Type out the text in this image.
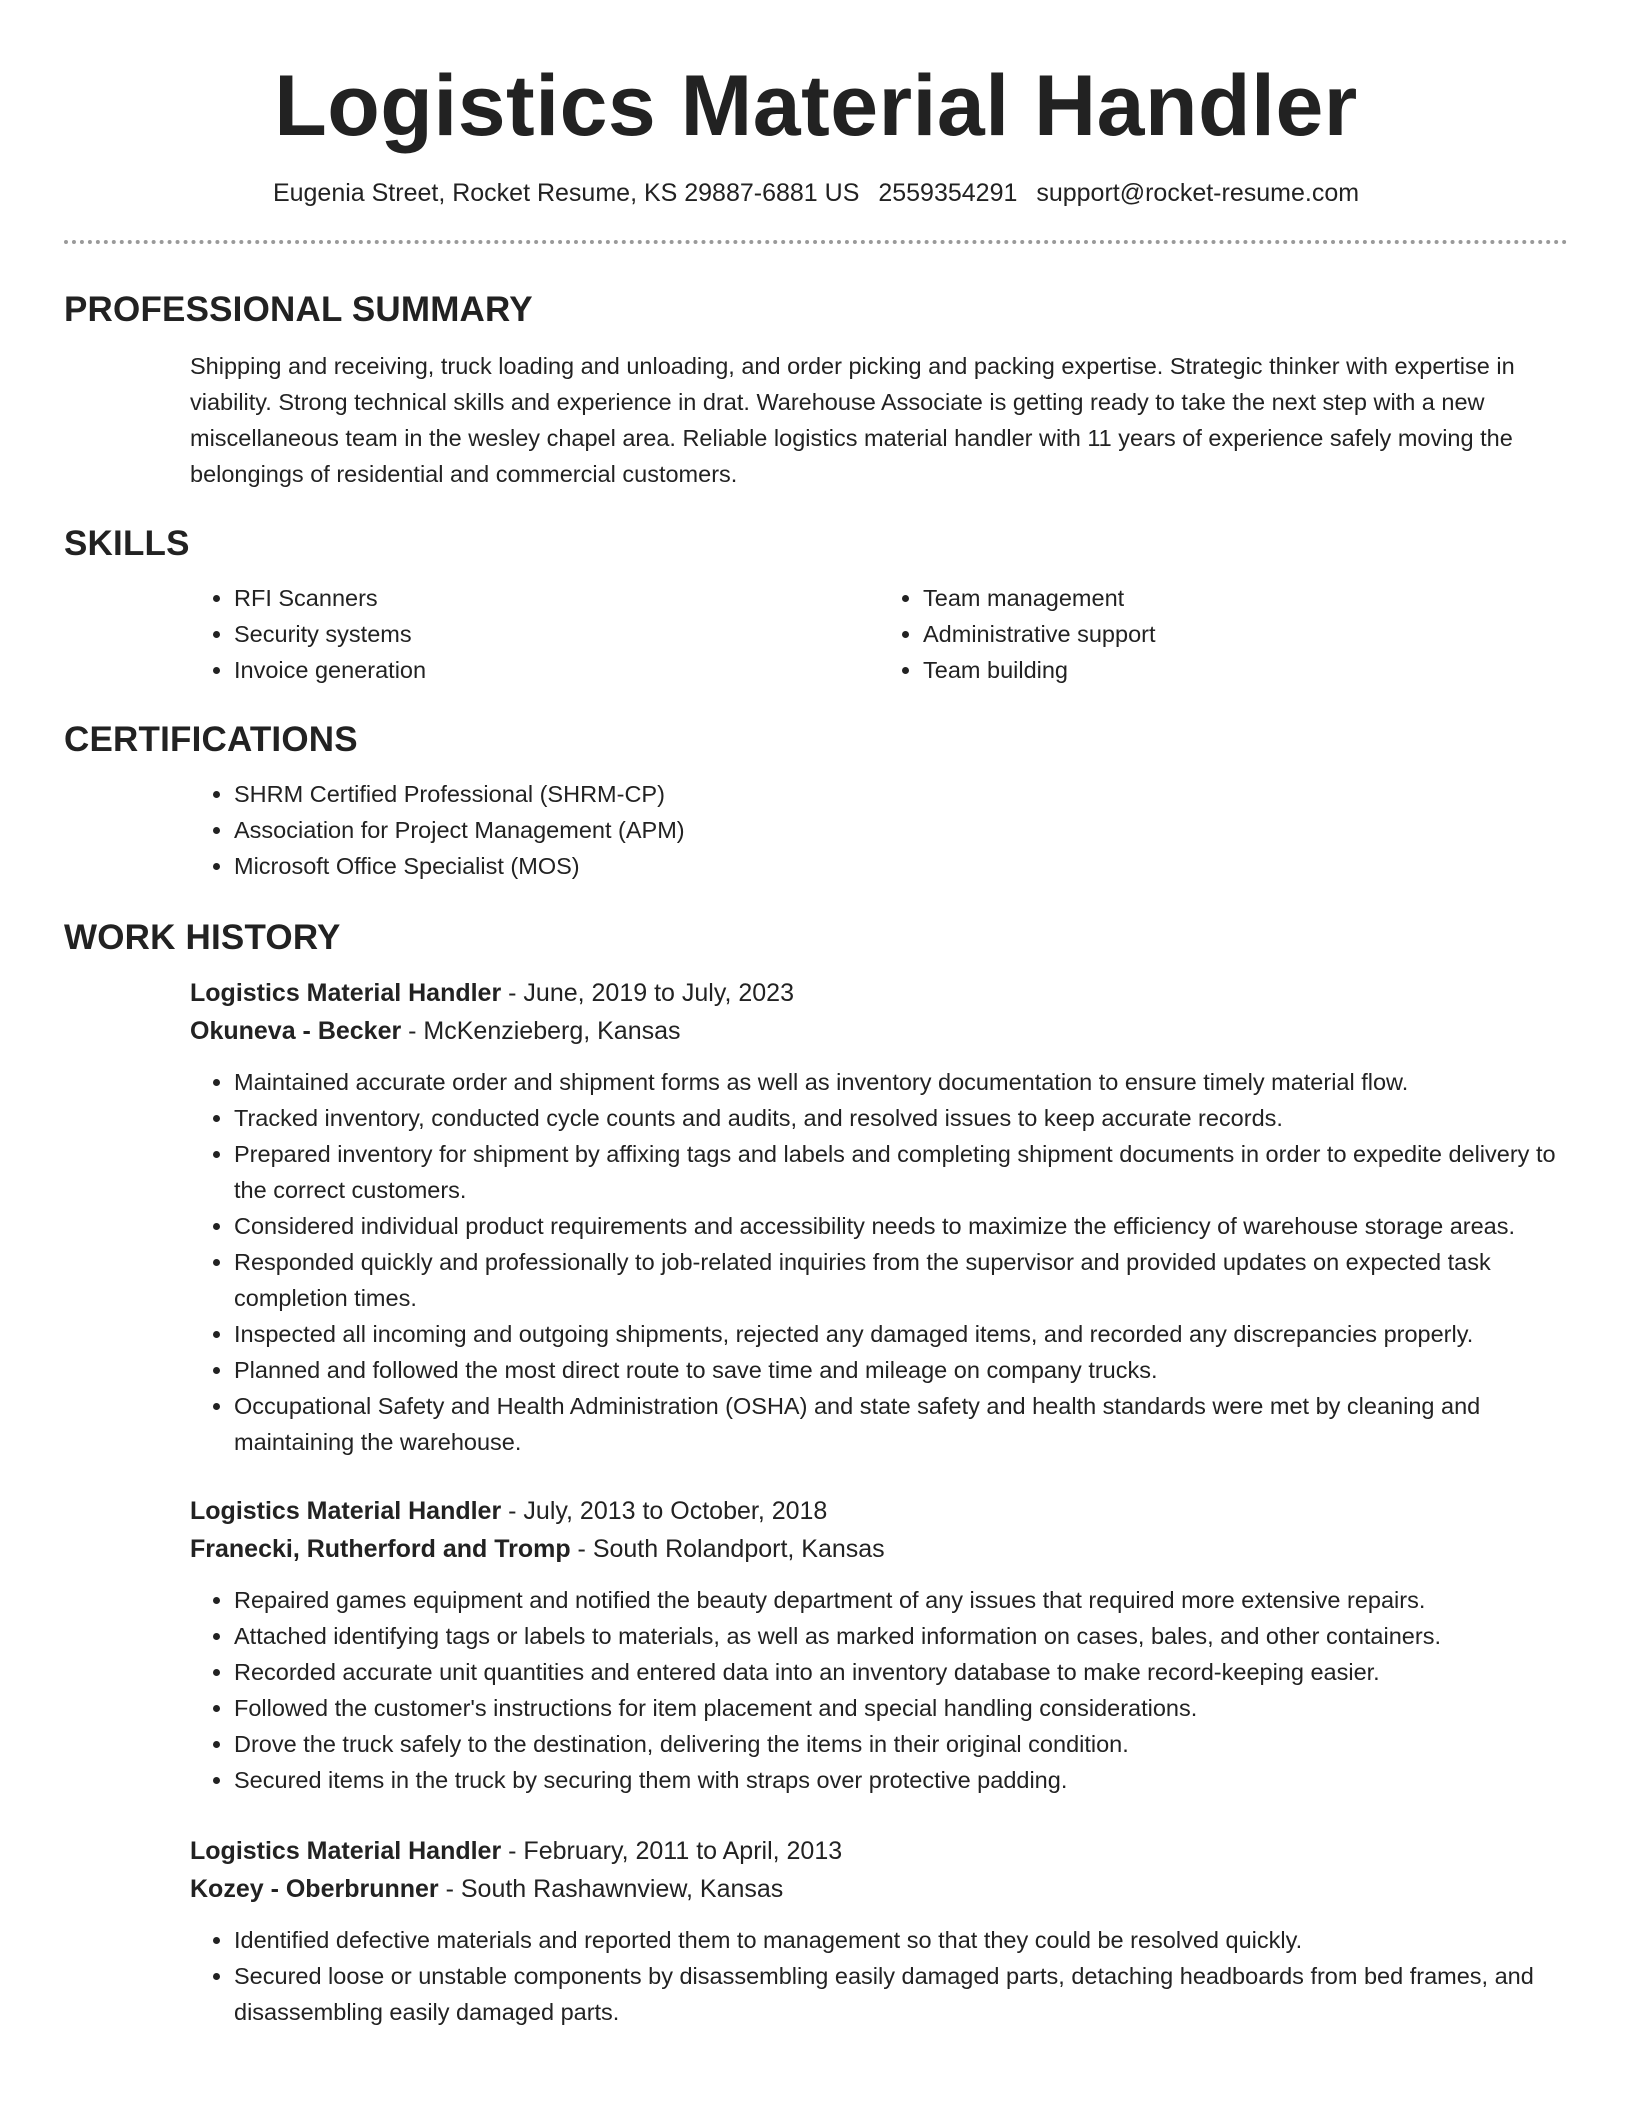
Logistics Material Handler
Eugenia Street, Rocket Resume, KS 29887-6881 US 2559354291 support@rocket-resume.com
PROFESSIONAL SUMMARY

Shipping and receiving, truck loading and unloading, and order picking and packing expertise. Strategic thinker with expertise in viability. Strong technical skills and experience in drat. Warehouse Associate is getting ready to take the next step with a new miscellaneous team in the wesley chapel area. Reliable logistics material handler with 11 years of experience safely moving the belongings of residential and commercial customers.

SKILLS
• RFI Scanners
• Security systems
• Invoice generation
• Team management
• Administrative support
• Team building
CERTIFICATIONS
• SHRM Certified Professional (SHRM-CP)
• Association for Project Management (APM)
• Microsoft Office Specialist (MOS)
WORK HISTORY
Logistics Material Handler - June, 2019 to July, 2023
Okuneva - Becker - McKenzieberg, Kansas
• Maintained accurate order and shipment forms as well as inventory documentation to ensure timely material flow.
• Tracked inventory, conducted cycle counts and audits, and resolved issues to keep accurate records.
• Prepared inventory for shipment by affixing tags and labels and completing shipment documents in order to expedite delivery to the correct customers.
• Considered individual product requirements and accessibility needs to maximize the efficiency of warehouse storage areas.
• Responded quickly and professionally to job-related inquiries from the supervisor and provided updates on expected task completion times.
• Inspected all incoming and outgoing shipments, rejected any damaged items, and recorded any discrepancies properly.
• Planned and followed the most direct route to save time and mileage on company trucks.
• Occupational Safety and Health Administration (OSHA) and state safety and health standards were met by cleaning and maintaining the warehouse.
Logistics Material Handler - July, 2013 to October, 2018
Franecki, Rutherford and Tromp - South Rolandport, Kansas
• Repaired games equipment and notified the beauty department of any issues that required more extensive repairs.
• Attached identifying tags or labels to materials, as well as marked information on cases, bales, and other containers.
• Recorded accurate unit quantities and entered data into an inventory database to make record-keeping easier.
• Followed the customer's instructions for item placement and special handling considerations.
• Drove the truck safely to the destination, delivering the items in their original condition.
• Secured items in the truck by securing them with straps over protective padding.
Logistics Material Handler - February, 2011 to April, 2013
Kozey - Oberbrunner - South Rashawnview, Kansas
• Identified defective materials and reported them to management so that they could be resolved quickly.
• Secured loose or unstable components by disassembling easily damaged parts, detaching headboards from bed frames, and disassembling easily damaged parts.
